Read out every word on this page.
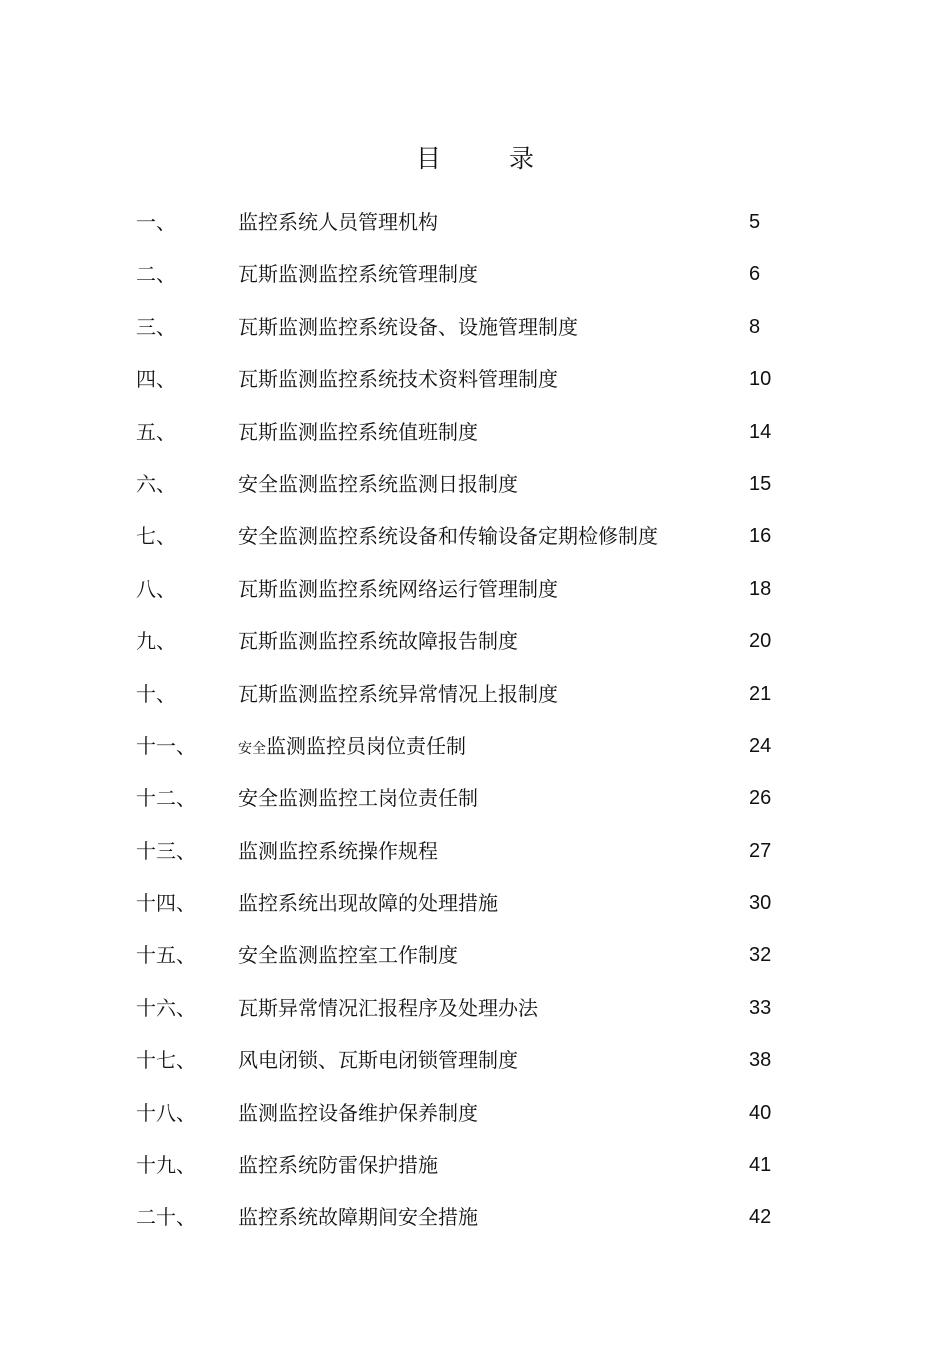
目 录
一、	监控系统人员管理机构	5
二、	瓦斯监测监控系统管理制度	6
三、	瓦斯监测监控系统设备、设施管理制度	8
四、	瓦斯监测监控系统技术资料管理制度	10
五、	瓦斯监测监控系统值班制度	14
六、	安全监测监控系统监测日报制度	15
七、	安全监测监控系统设备和传输设备定期检修制度	16
八、	瓦斯监测监控系统网络运行管理制度	18
九、	瓦斯监测监控系统故障报告制度	20
十、	瓦斯监测监控系统异常情况上报制度	21
十一、	安全监测监控员岗位责任制	24
十二、 安全监测监控工岗位责任制	26
十三、 监测监控系统操作规程	27
十四、 监控系统出现故障的处理措施	30
十五、 安全监测监控室工作制度	32
十六、 瓦斯异常情况汇报程序及处理办法	33
十七、 风电闭锁、瓦斯电闭锁管理制度	38
十八、 监测监控设备维护保养制度	40
十九、 监控系统防雷保护措施	41
二十、 监控系统故障期间安全措施	42
